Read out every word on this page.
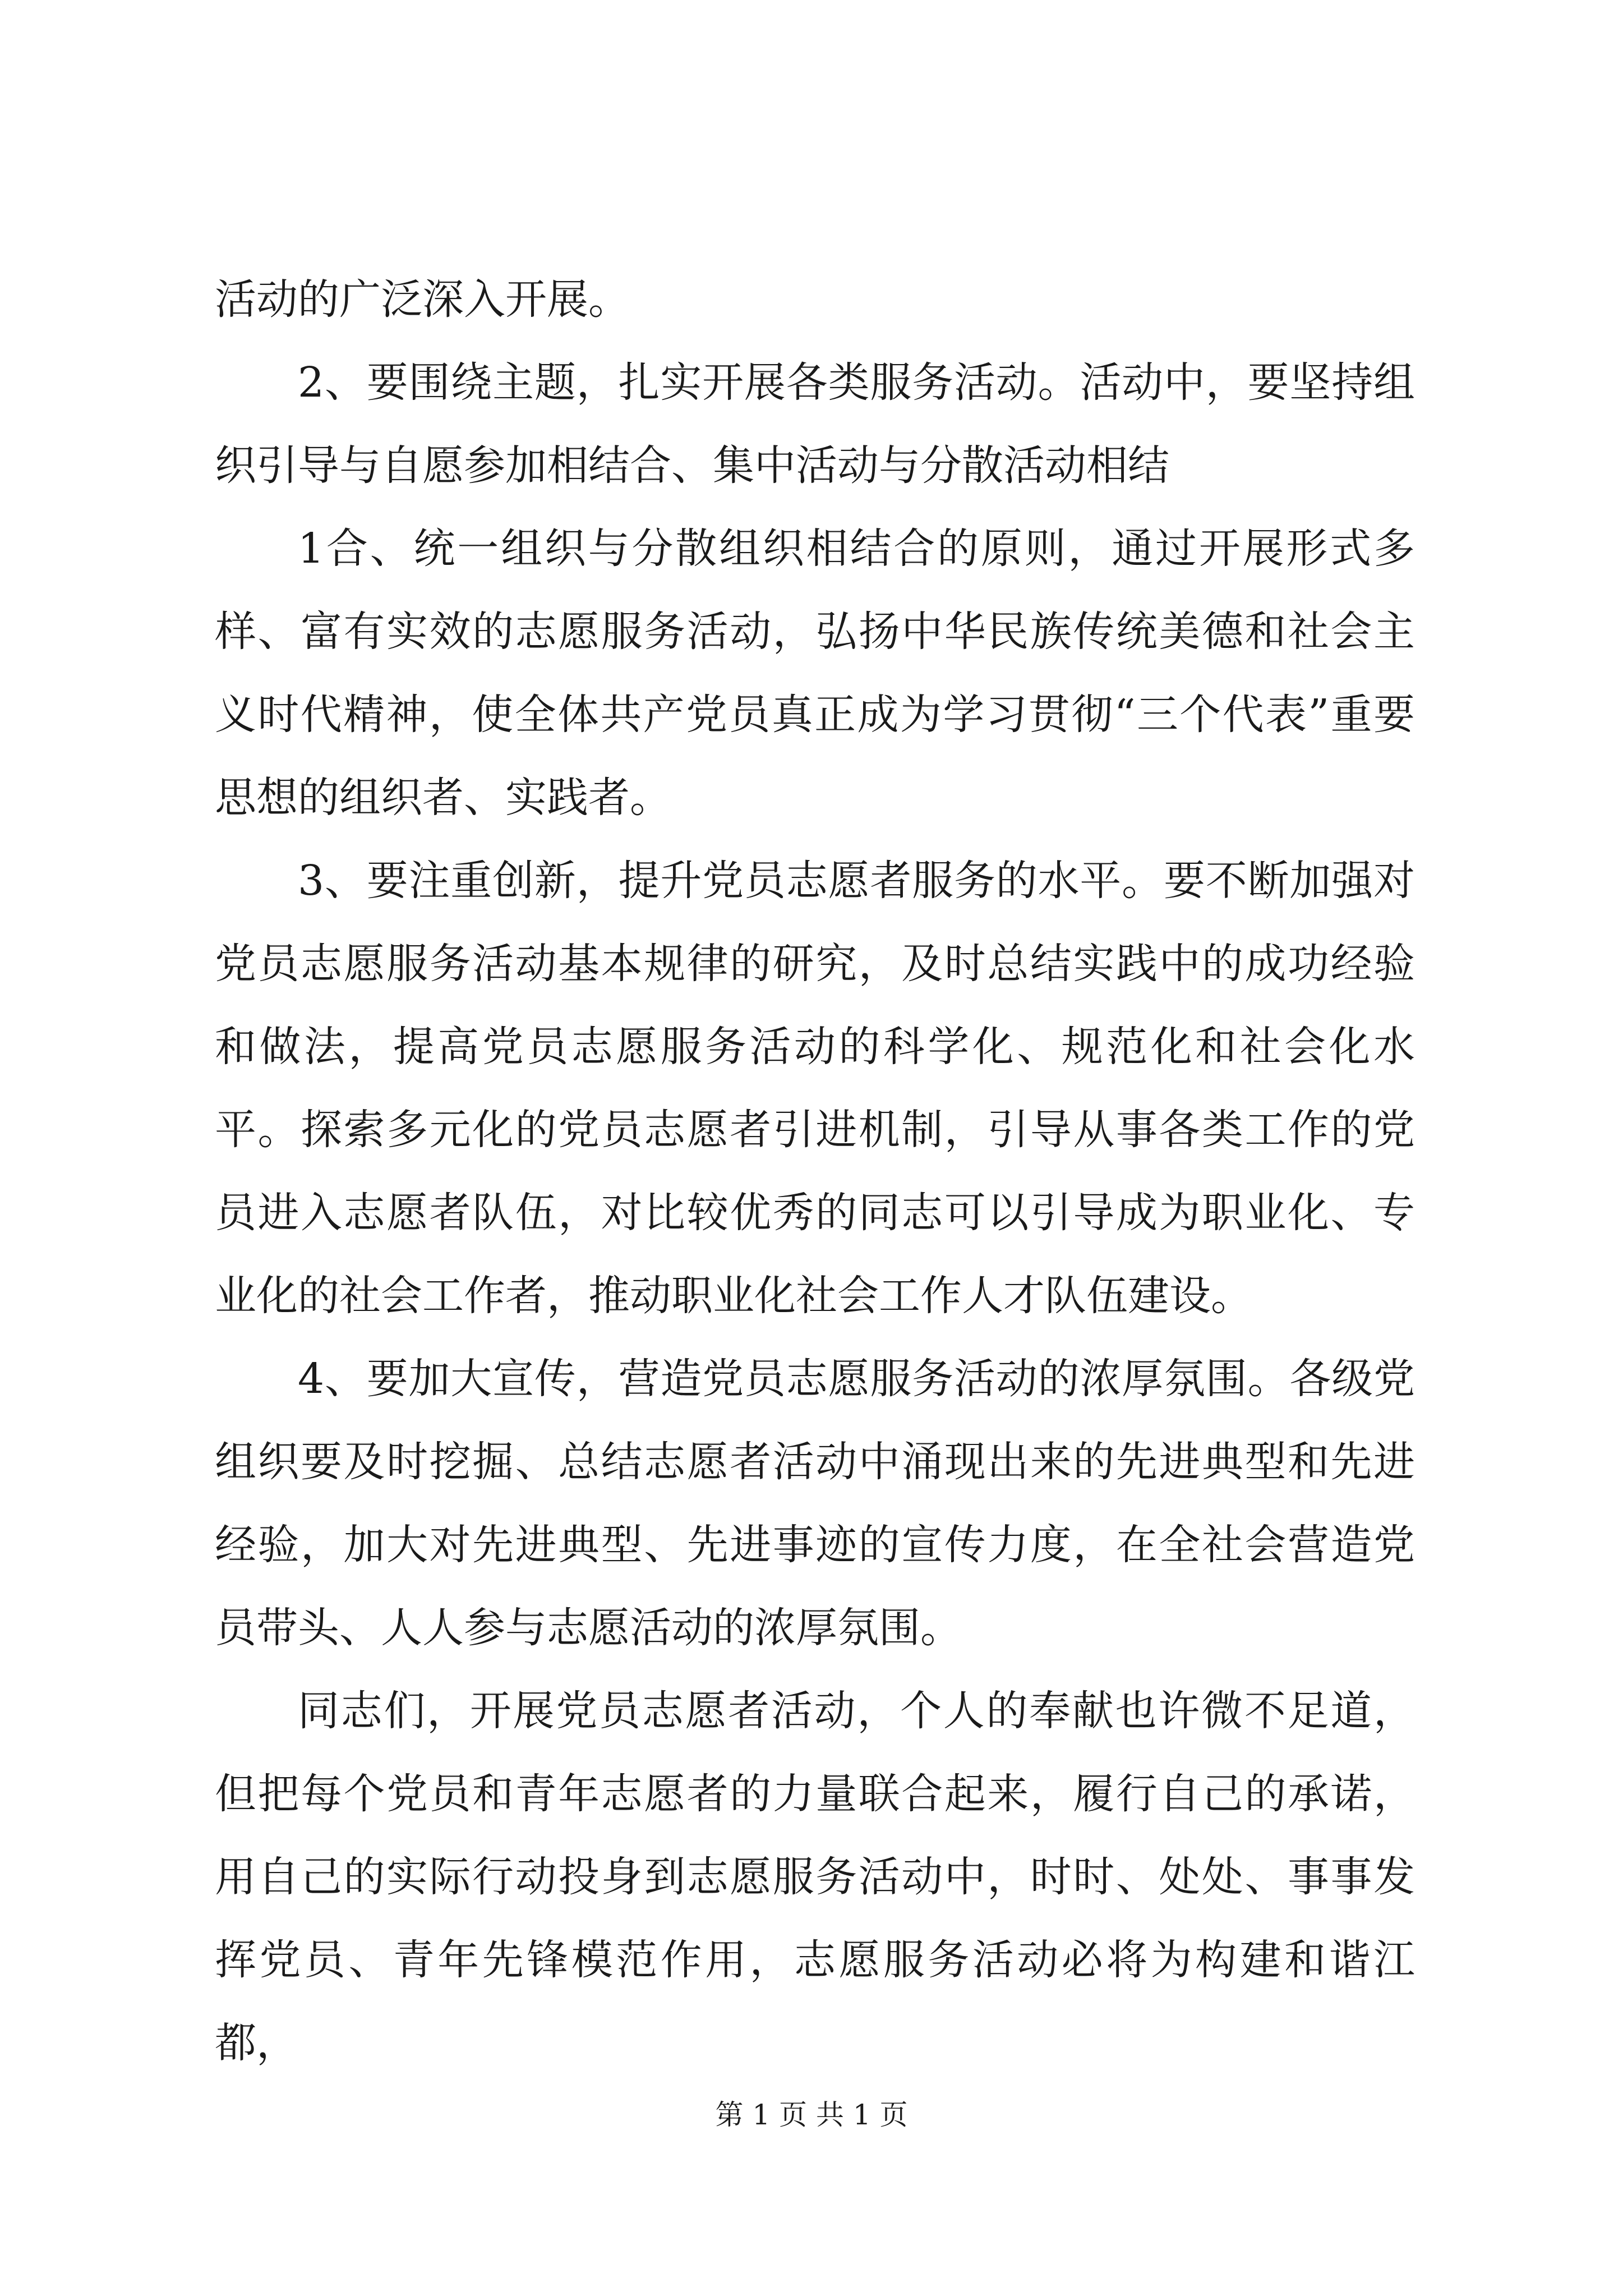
活动的广泛深入开展。

2、要围绕主题，扎实开展各类服务活动。活动中，要坚持组织引导与自愿参加相结合、集中活动与分散活动相结

1合、统一组织与分散组织相结合的原则，通过开展形式多样、富有实效的志愿服务活动，弘扬中华民族传统美德和社会主义时代精神，使全体共产党员真正成为学习贯彻“三个代表”重要思想的组织者、实践者。

3、要注重创新，提升党员志愿者服务的水平。要不断加强对党员志愿服务活动基本规律的研究，及时总结实践中的成功经验和做法，提高党员志愿服务活动的科学化、规范化和社会化水平。探索多元化的党员志愿者引进机制，引导从事各类工作的党员进入志愿者队伍，对比较优秀的同志可以引导成为职业化、专业化的社会工作者，推动职业化社会工作人才队伍建设。

4、要加大宣传，营造党员志愿服务活动的浓厚氛围。各级党组织要及时挖掘、总结志愿者活动中涌现出来的先进典型和先进经验，加大对先进典型、先进事迹的宣传力度，在全社会营造党员带头、人人参与志愿活动的浓厚氛围。

同志们，开展党员志愿者活动，个人的奉献也许微不足道，但把每个党员和青年志愿者的力量联合起来，履行自己的承诺，用自己的实际行动投身到志愿服务活动中，时时、处处、事事发挥党员、青年先锋模范作用，志愿服务活动必将为构建和谐江都，

第 1 页 共 1 页
